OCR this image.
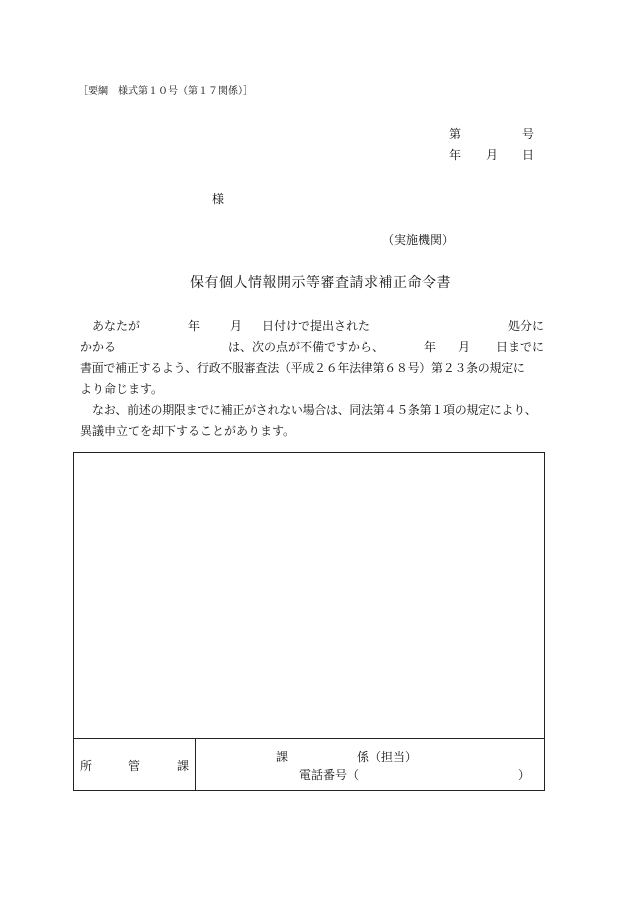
［要綱　様式第１０号（第１７関係）］
第	号
年 月 日
様
（実施機関）
保有個人情報開示等審査請求補正命令書
あなたが	年 月 日付けで提出された	処分に
かかる	は、次の点が不備ですから、	年 月 日までに
書面で補正するよう、行政不服審査法（平成２６年法律第６８号）第２３条の規定に
より命じます。
なお、前述の期限までに補正がされない場合は、同法第４５条第１項の規定により、
異議申立てを却下することがあります。
所	管	課
課	係（担当）
電話番号（	）
